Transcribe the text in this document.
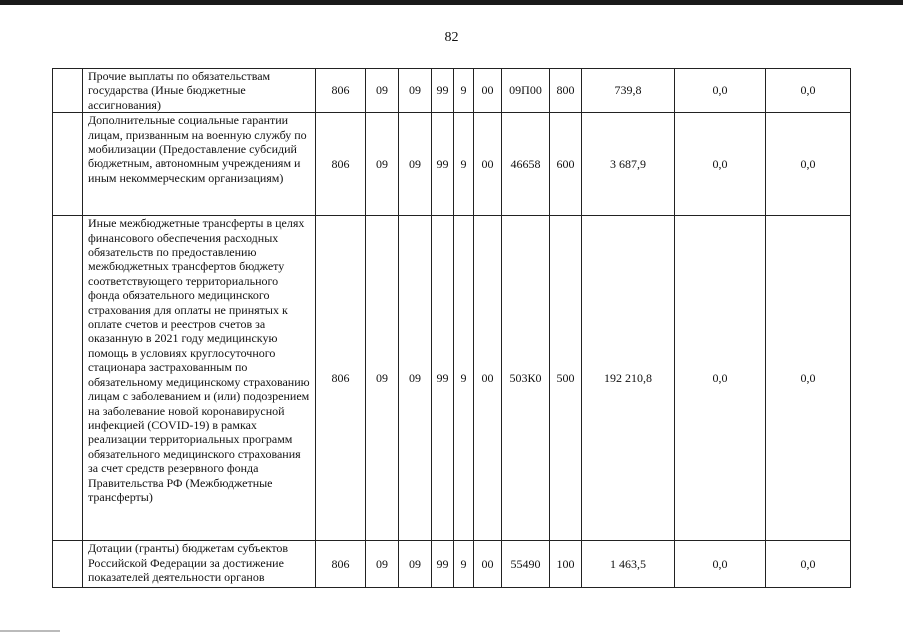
82
	Прочие выплаты по обязательствам государства (Иные бюджетные ассигнования)	806	09	09	99	9	00	09П00	800	739,8	0,0	0,0
	Дополнительные социальные гарантии лицам, призванным на военную службу по мобилизации (Предоставление субсидий бюджетным, автономным учреждениям и иным некоммерческим организациям)	806	09	09	99	9	00	46658	600	3 687,9	0,0	0,0
	Иные межбюджетные трансферты в целях финансового обеспечения расходных обязательств по предоставлению межбюджетных трансфертов бюджету соответствующего территориального фонда обязательного медицинского страхования для оплаты не принятых к оплате счетов и реестров счетов за оказанную в 2021 году медицинскую помощь в условиях круглосуточного стационара застрахованным по обязательному медицинскому страхованию лицам с заболеванием и (или) подозрением на заболевание новой коронавирусной инфекцией (COVID-19) в рамках реализации территориальных программ обязательного медицинского страхования за счет средств резервного фонда Правительства РФ (Межбюджетные трансферты)	806	09	09	99	9	00	503К0	500	192 210,8	0,0	0,0
	Дотации (гранты) бюджетам субъектов Российской Федерации за достижение показателей деятельности органов	806	09	09	99	9	00	55490	100	1 463,5	0,0	0,0
